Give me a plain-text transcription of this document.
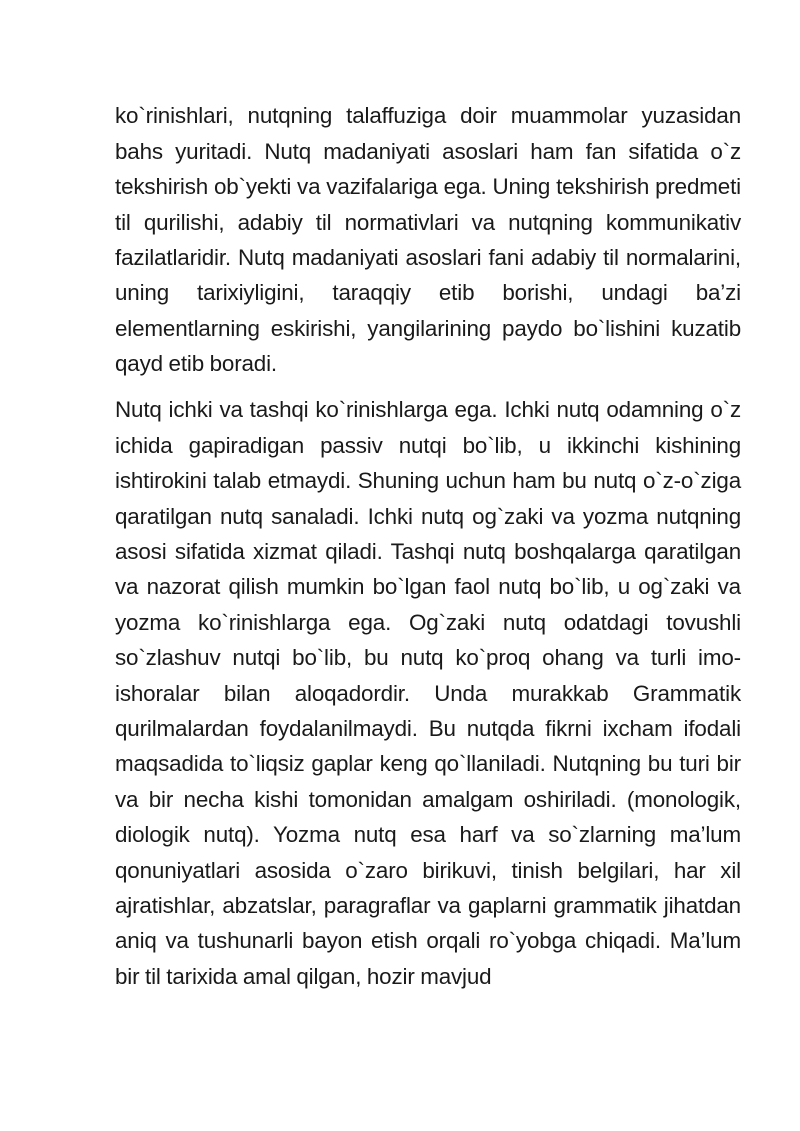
ko`rinishlari, nutqning talaffuziga doir muammolar yuzasidan bahs yuritadi. Nutq madaniyati asoslari ham fan sifatida o`z tekshirish ob`yekti va vazifalariga ega. Uning tekshirish predmeti til qurilishi, adabiy til normativlari va nutqning kommunikativ fazilatlaridir. Nutq madaniyati asoslari fani adabiy til normalarini, uning tarixiyligini, taraqqiy etib borishi, undagi ba’zi elementlarning eskirishi, yangilarining paydo bo`lishini kuzatib qayd etib boradi.

Nutq ichki va tashqi ko`rinishlarga ega. Ichki nutq odamning o`z ichida gapiradigan passiv nutqi bo`lib, u ikkinchi kishining ishtirokini talab etmaydi. Shuning uchun ham bu nutq o`z-o`ziga qaratilgan nutq sanaladi. Ichki nutq og`zaki va yozma nutqning asosi sifatida xizmat qiladi. Tashqi nutq boshqalarga qaratilgan va nazorat qilish mumkin bo`lgan faol nutq bo`lib, u og`zaki va yozma ko`rinishlarga ega. Og`zaki nutq odatdagi tovushli so`zlashuv nutqi bo`lib, bu nutq ko`proq ohang va turli imo-ishoralar bilan aloqadordir. Unda murakkab Grammatik qurilmalardan foydalanilmaydi. Bu nutqda fikrni ixcham ifodali maqsadida to`liqsiz gaplar keng qo`llaniladi. Nutqning bu turi bir va bir necha kishi tomonidan amalgam oshiriladi. (monologik, diologik nutq). Yozma nutq esa harf va so`zlarning ma’lum qonuniyatlari asosida o`zaro birikuvi, tinish belgilari, har xil ajratishlar, abzatslar, paragraflar va gaplarni grammatik jihatdan aniq va tushunarli bayon etish orqali ro`yobga chiqadi. Ma’lum bir til tarixida amal qilgan, hozir mavjud
